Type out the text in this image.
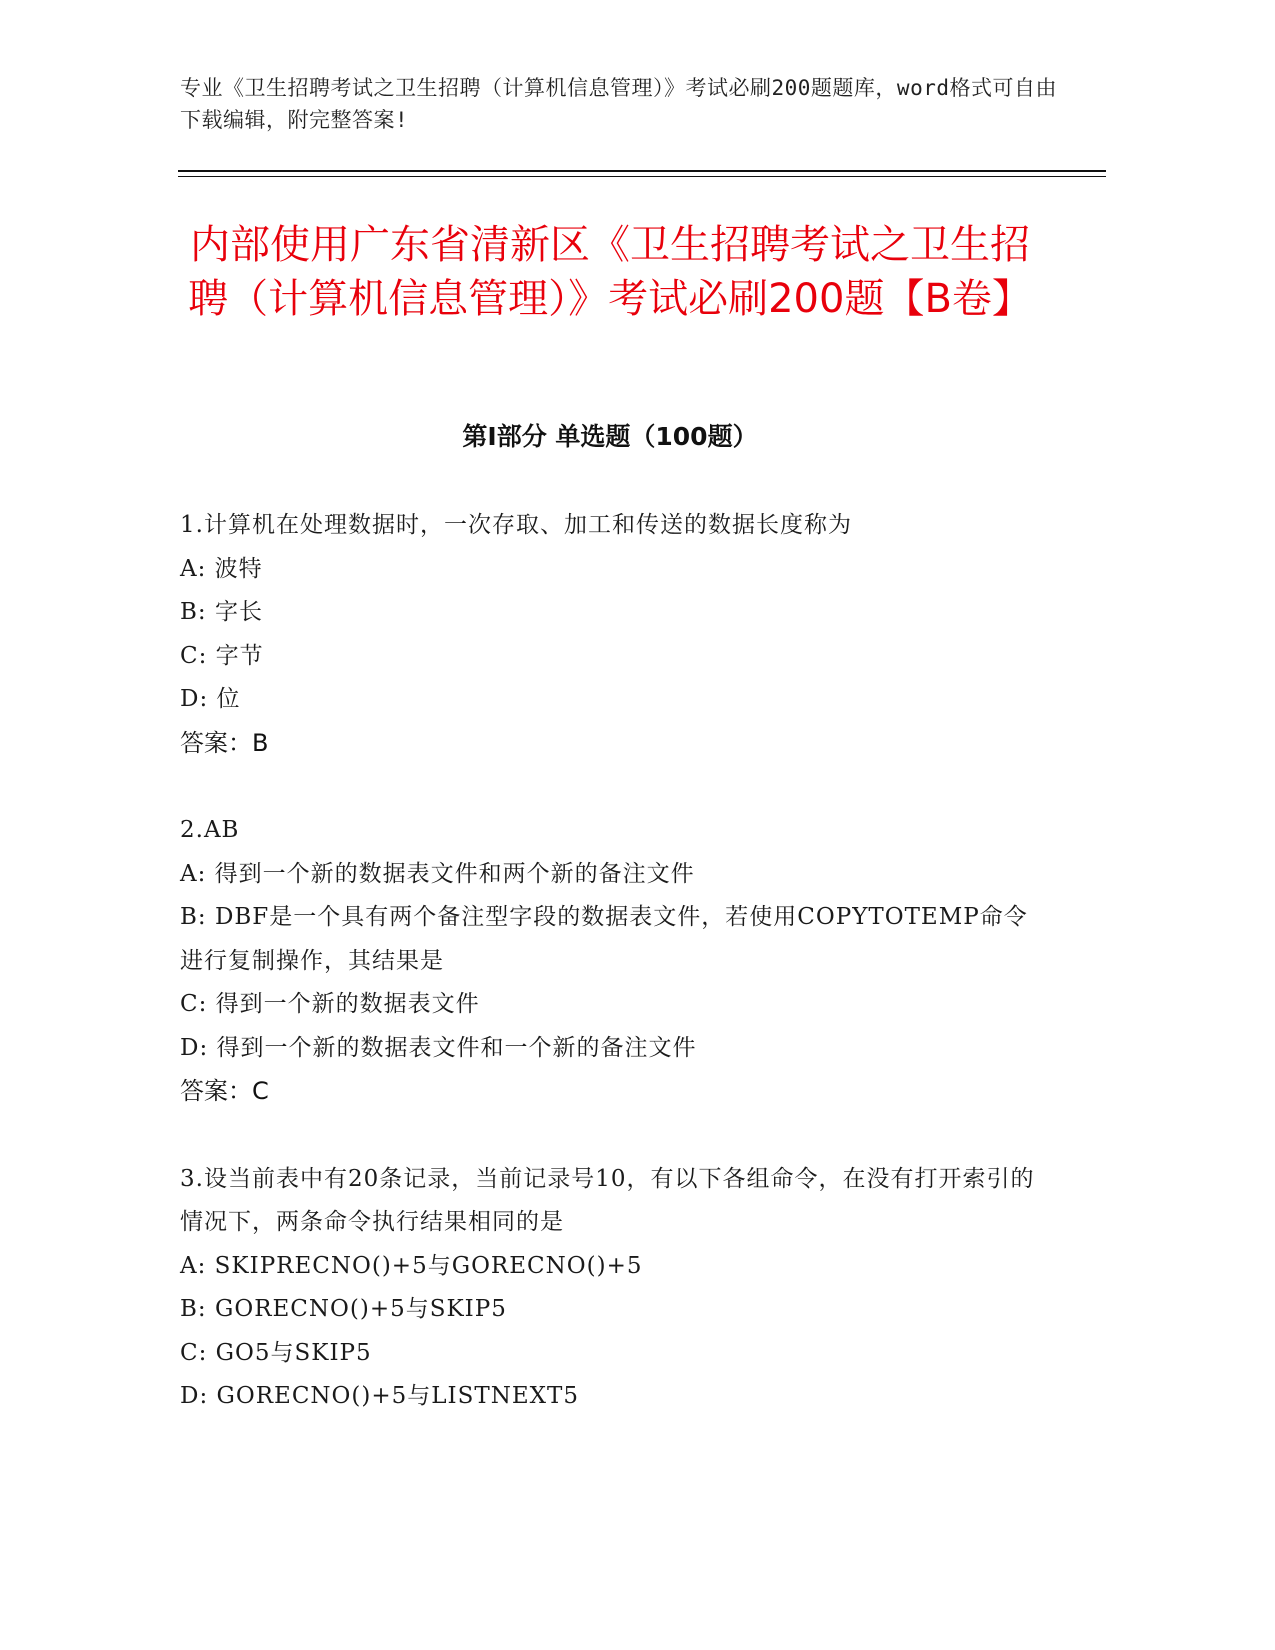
专业《卫生招聘考试之卫生招聘（计算机信息管理）》考试必刷200题题库，word格式可自由下载编辑，附完整答案!
内部使用广东省清新区《卫生招聘考试之卫生招聘（计算机信息管理）》考试必刷200题【B卷】
第Ⅰ部分 单选题（100题）
1.计算机在处理数据时，一次存取、加工和传送的数据长度称为
A: 波特
B: 字长
C: 字节
D: 位
答案：B
2.AB
A: 得到一个新的数据表文件和两个新的备注文件
B: DBF是一个具有两个备注型字段的数据表文件，若使用COPYTOTEMP命令进行复制操作，其结果是
C: 得到一个新的数据表文件
D: 得到一个新的数据表文件和一个新的备注文件
答案：C
3.设当前表中有20条记录，当前记录号10，有以下各组命令，在没有打开索引的情况下，两条命令执行结果相同的是
A: SKIPRECNO()+5与GORECNO()+5
B: GORECNO()+5与SKIP5
C: GO5与SKIP5
D: GORECNO()+5与LISTNEXT5
